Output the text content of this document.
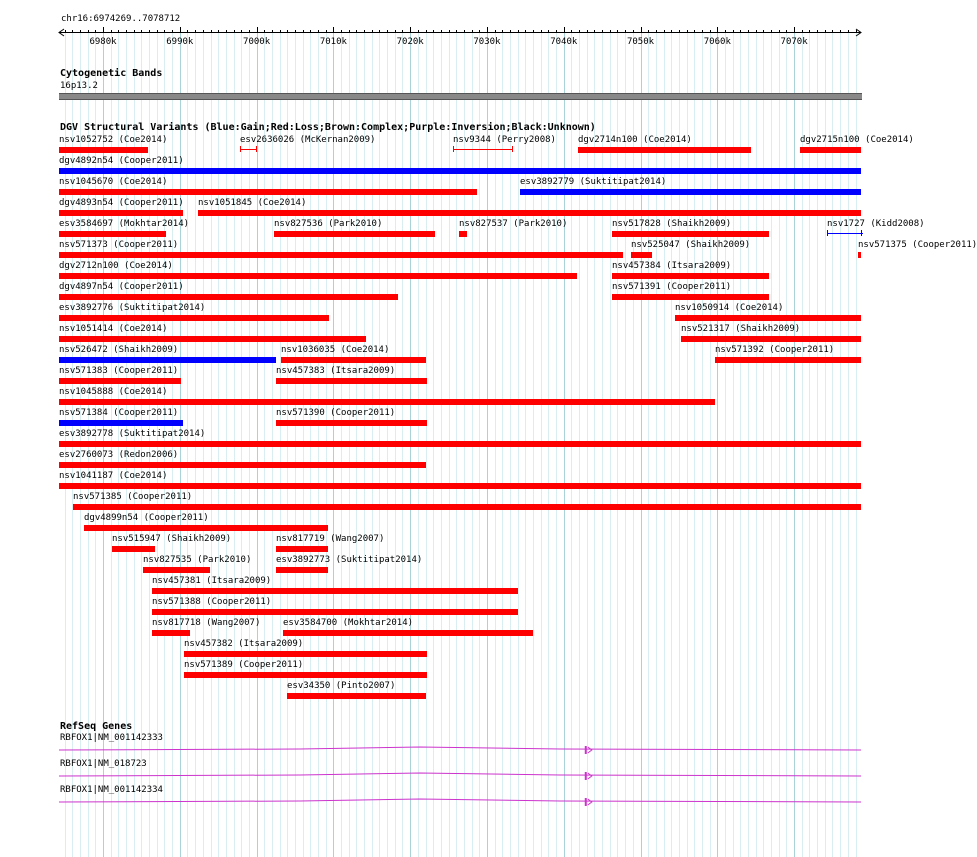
chr16:6974269..7078712
6980k	6990k	7000k	7010k	7020k	7030k	7040k	7050k	7060k	7070k
Cytogenetic Bands
16p13.2
DGV Structural Variants (Blue:Gain;Red:Loss;Brown:Complex;Purple:Inversion;Black:Unknown)
nsv1052752 (Coe2014)	esv2636026 (McKernan2009)	nsv9344 (Perry2008) dgv2714n100 (Coe2014)	dgv2715n100 (Coe2014)
dgv4892n54 (Cooper2011)
nsv1045670 (Coe2014)	esv3892779 (Suktitipat2014)
dgv4893n54 (Cooper2011) nsv1051845 (Coe2014)
esv3584697 (Mokhtar2014)	nsv827536 (Park2010)	nsv827537 (Park2010)	nsv517828 (Shaikh2009)	nsv1727 (Kidd2008)
nsv571373 (Cooper2011)	nsv525047 (Shaikh2009)	nsv571375 (Cooper2011)
dgv2712n100 (Coe2014)	nsv457384 (Itsara2009)
dgv4897n54 (Cooper2011)	nsv571391 (Cooper2011)
esv3892776 (Suktitipat2014)	nsv1050914 (Coe2014)
nsv1051414 (Coe2014)	nsv521317 (Shaikh2009)
nsv526472 (Shaikh2009)	nsv1036035 (Coe2014)	nsv571392 (Cooper2011)
nsv571383 (Cooper2011)	nsv457383 (Itsara2009)
nsv1045888 (Coe2014)
nsv571384 (Cooper2011)	nsv571390 (Cooper2011)
esv3892778 (Suktitipat2014)
esv2760073 (Redon2006)
nsv1041187 (Coe2014)
nsv571385 (Cooper2011)
dgv4899n54 (Cooper2011)
nsv515947 (Shaikh2009)	nsv817719 (Wang2007)
nsv827535 (Park2010)	esv3892773 (Suktitipat2014)
nsv457381 (Itsara2009)
nsv571388 (Cooper2011)
nsv817718 (Wang2007)	esv3584700 (Mokhtar2014)
nsv457382 (Itsara2009)
nsv571389 (Cooper2011)
esv34350 (Pinto2007)
RefSeq Genes
RBFOX1|NM_001142333
RBFOX1|NM_018723
RBFOX1|NM_001142334
